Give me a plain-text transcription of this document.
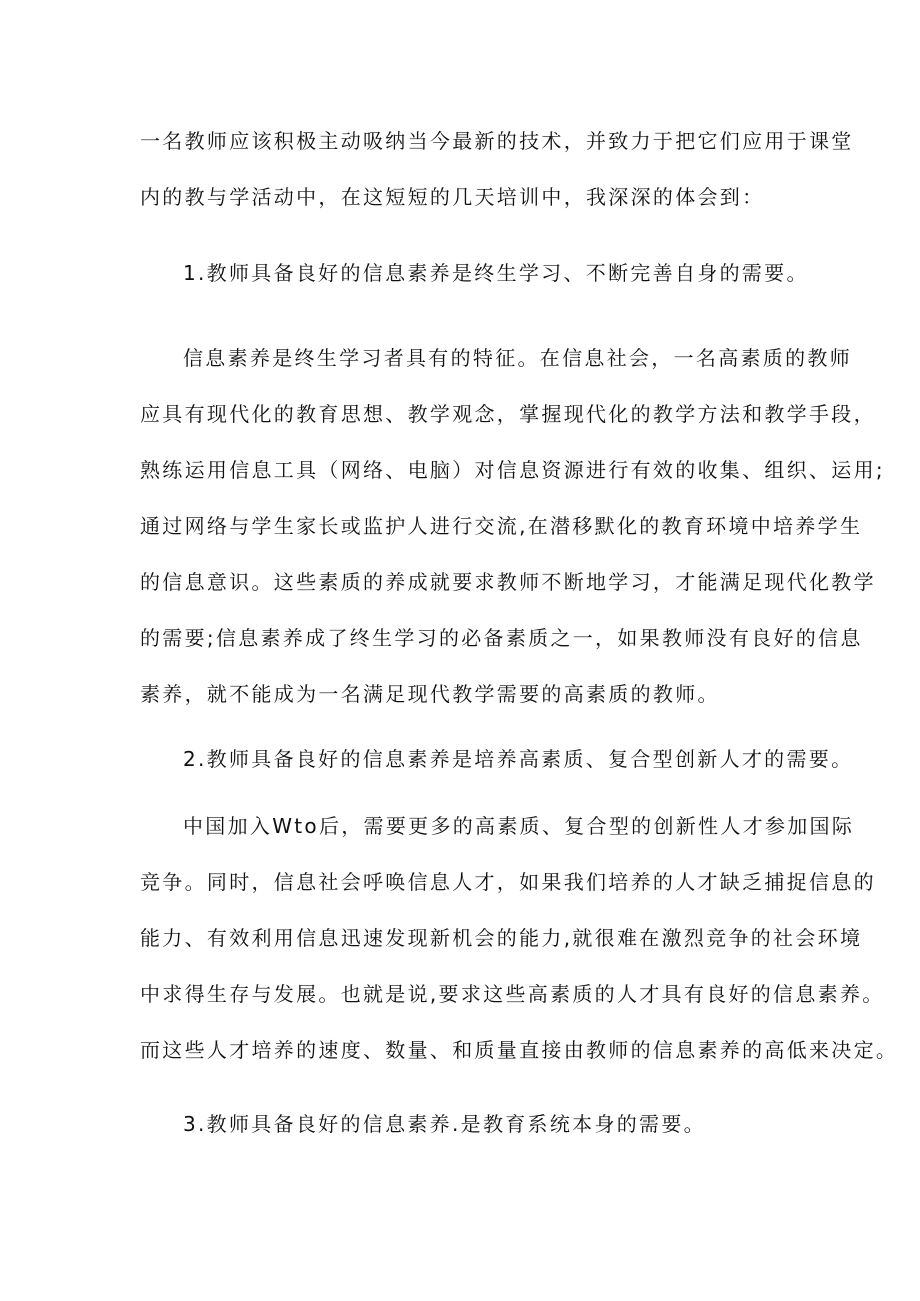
一名教师应该积极主动吸纳当今最新的技术，并致力于把它们应用于课堂
内的教与学活动中，在这短短的几天培训中，我深深的体会到：
1.教师具备良好的信息素养是终生学习、不断完善自身的需要。
信息素养是终生学习者具有的特征。在信息社会，一名高素质的教师
应具有现代化的教育思想、教学观念，掌握现代化的教学方法和教学手段，
熟练运用信息工具（网络、电脑）对信息资源进行有效的收集、组织、运用;
通过网络与学生家长或监护人进行交流,在潜移默化的教育环境中培养学生
的信息意识。这些素质的养成就要求教师不断地学习，才能满足现代化教学
的需要;信息素养成了终生学习的必备素质之一，如果教师没有良好的信息
素养，就不能成为一名满足现代教学需要的高素质的教师。
2.教师具备良好的信息素养是培养高素质、复合型创新人才的需要。
中国加入Wto后，需要更多的高素质、复合型的创新性人才参加国际
竞争。同时，信息社会呼唤信息人才，如果我们培养的人才缺乏捕捉信息的
能力、有效利用信息迅速发现新机会的能力,就很难在激烈竞争的社会环境
中求得生存与发展。也就是说,要求这些高素质的人才具有良好的信息素养。
而这些人才培养的速度、数量、和质量直接由教师的信息素养的高低来决定。
3.教师具备良好的信息素养.是教育系统本身的需要。
